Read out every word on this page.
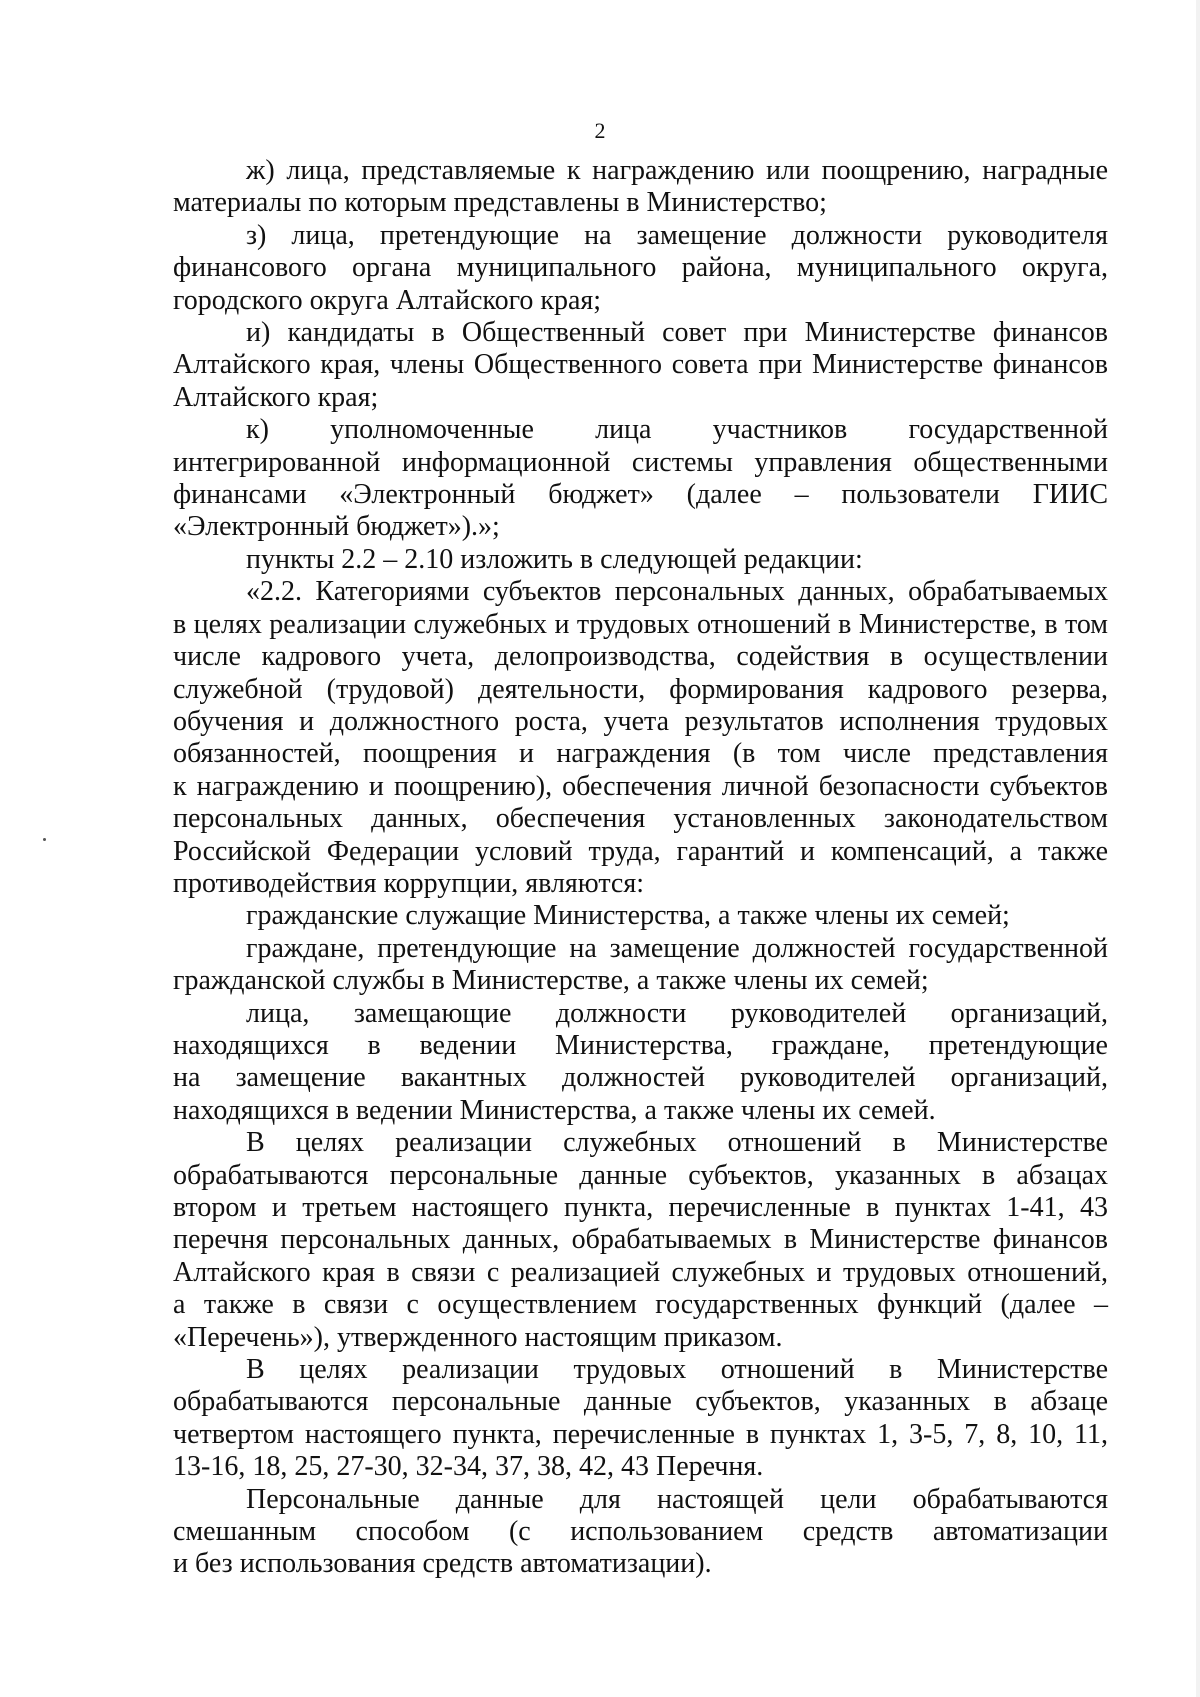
2
ж) лица, представляемые к награждению или поощрению, наградные
материалы по которым представлены в Министерство;
з) лица, претендующие на замещение должности руководителя
финансового органа муниципального района, муниципального округа,
городского округа Алтайского края;
и) кандидаты в Общественный совет при Министерстве финансов
Алтайского края, члены Общественного совета при Министерстве финансов
Алтайского края;
к) уполномоченные лица участников государственной
интегрированной информационной системы управления общественными
финансами «Электронный бюджет» (далее – пользователи ГИИС
«Электронный бюджет»).»;
пункты 2.2 – 2.10 изложить в следующей редакции:
«2.2. Категориями субъектов персональных данных, обрабатываемых
в целях реализации служебных и трудовых отношений в Министерстве, в том
числе кадрового учета, делопроизводства, содействия в осуществлении
служебной (трудовой) деятельности, формирования кадрового резерва,
обучения и должностного роста, учета результатов исполнения трудовых
обязанностей, поощрения и награждения (в том числе представления
к награждению и поощрению), обеспечения личной безопасности субъектов
персональных данных, обеспечения установленных законодательством
Российской Федерации условий труда, гарантий и компенсаций, а также
противодействия коррупции, являются:
гражданские служащие Министерства, а также члены их семей;
граждане, претендующие на замещение должностей государственной
гражданской службы в Министерстве, а также члены их семей;
лица, замещающие должности руководителей организаций,
находящихся в ведении Министерства, граждане, претендующие
на замещение вакантных должностей руководителей организаций,
находящихся в ведении Министерства, а также члены их семей.
В целях реализации служебных отношений в Министерстве
обрабатываются персональные данные субъектов, указанных в абзацах
втором и третьем настоящего пункта, перечисленные в пунктах 1-41, 43
перечня персональных данных, обрабатываемых в Министерстве финансов
Алтайского края в связи с реализацией служебных и трудовых отношений,
а также в связи с осуществлением государственных функций (далее –
«Перечень»), утвержденного настоящим приказом.
В целях реализации трудовых отношений в Министерстве
обрабатываются персональные данные субъектов, указанных в абзаце
четвертом настоящего пункта, перечисленные в пунктах 1, 3-5, 7, 8, 10, 11,
13-16, 18, 25, 27-30, 32-34, 37, 38, 42, 43 Перечня.
Персональные данные для настоящей цели обрабатываются
смешанным способом (с использованием средств автоматизации
и без использования средств автоматизации).
